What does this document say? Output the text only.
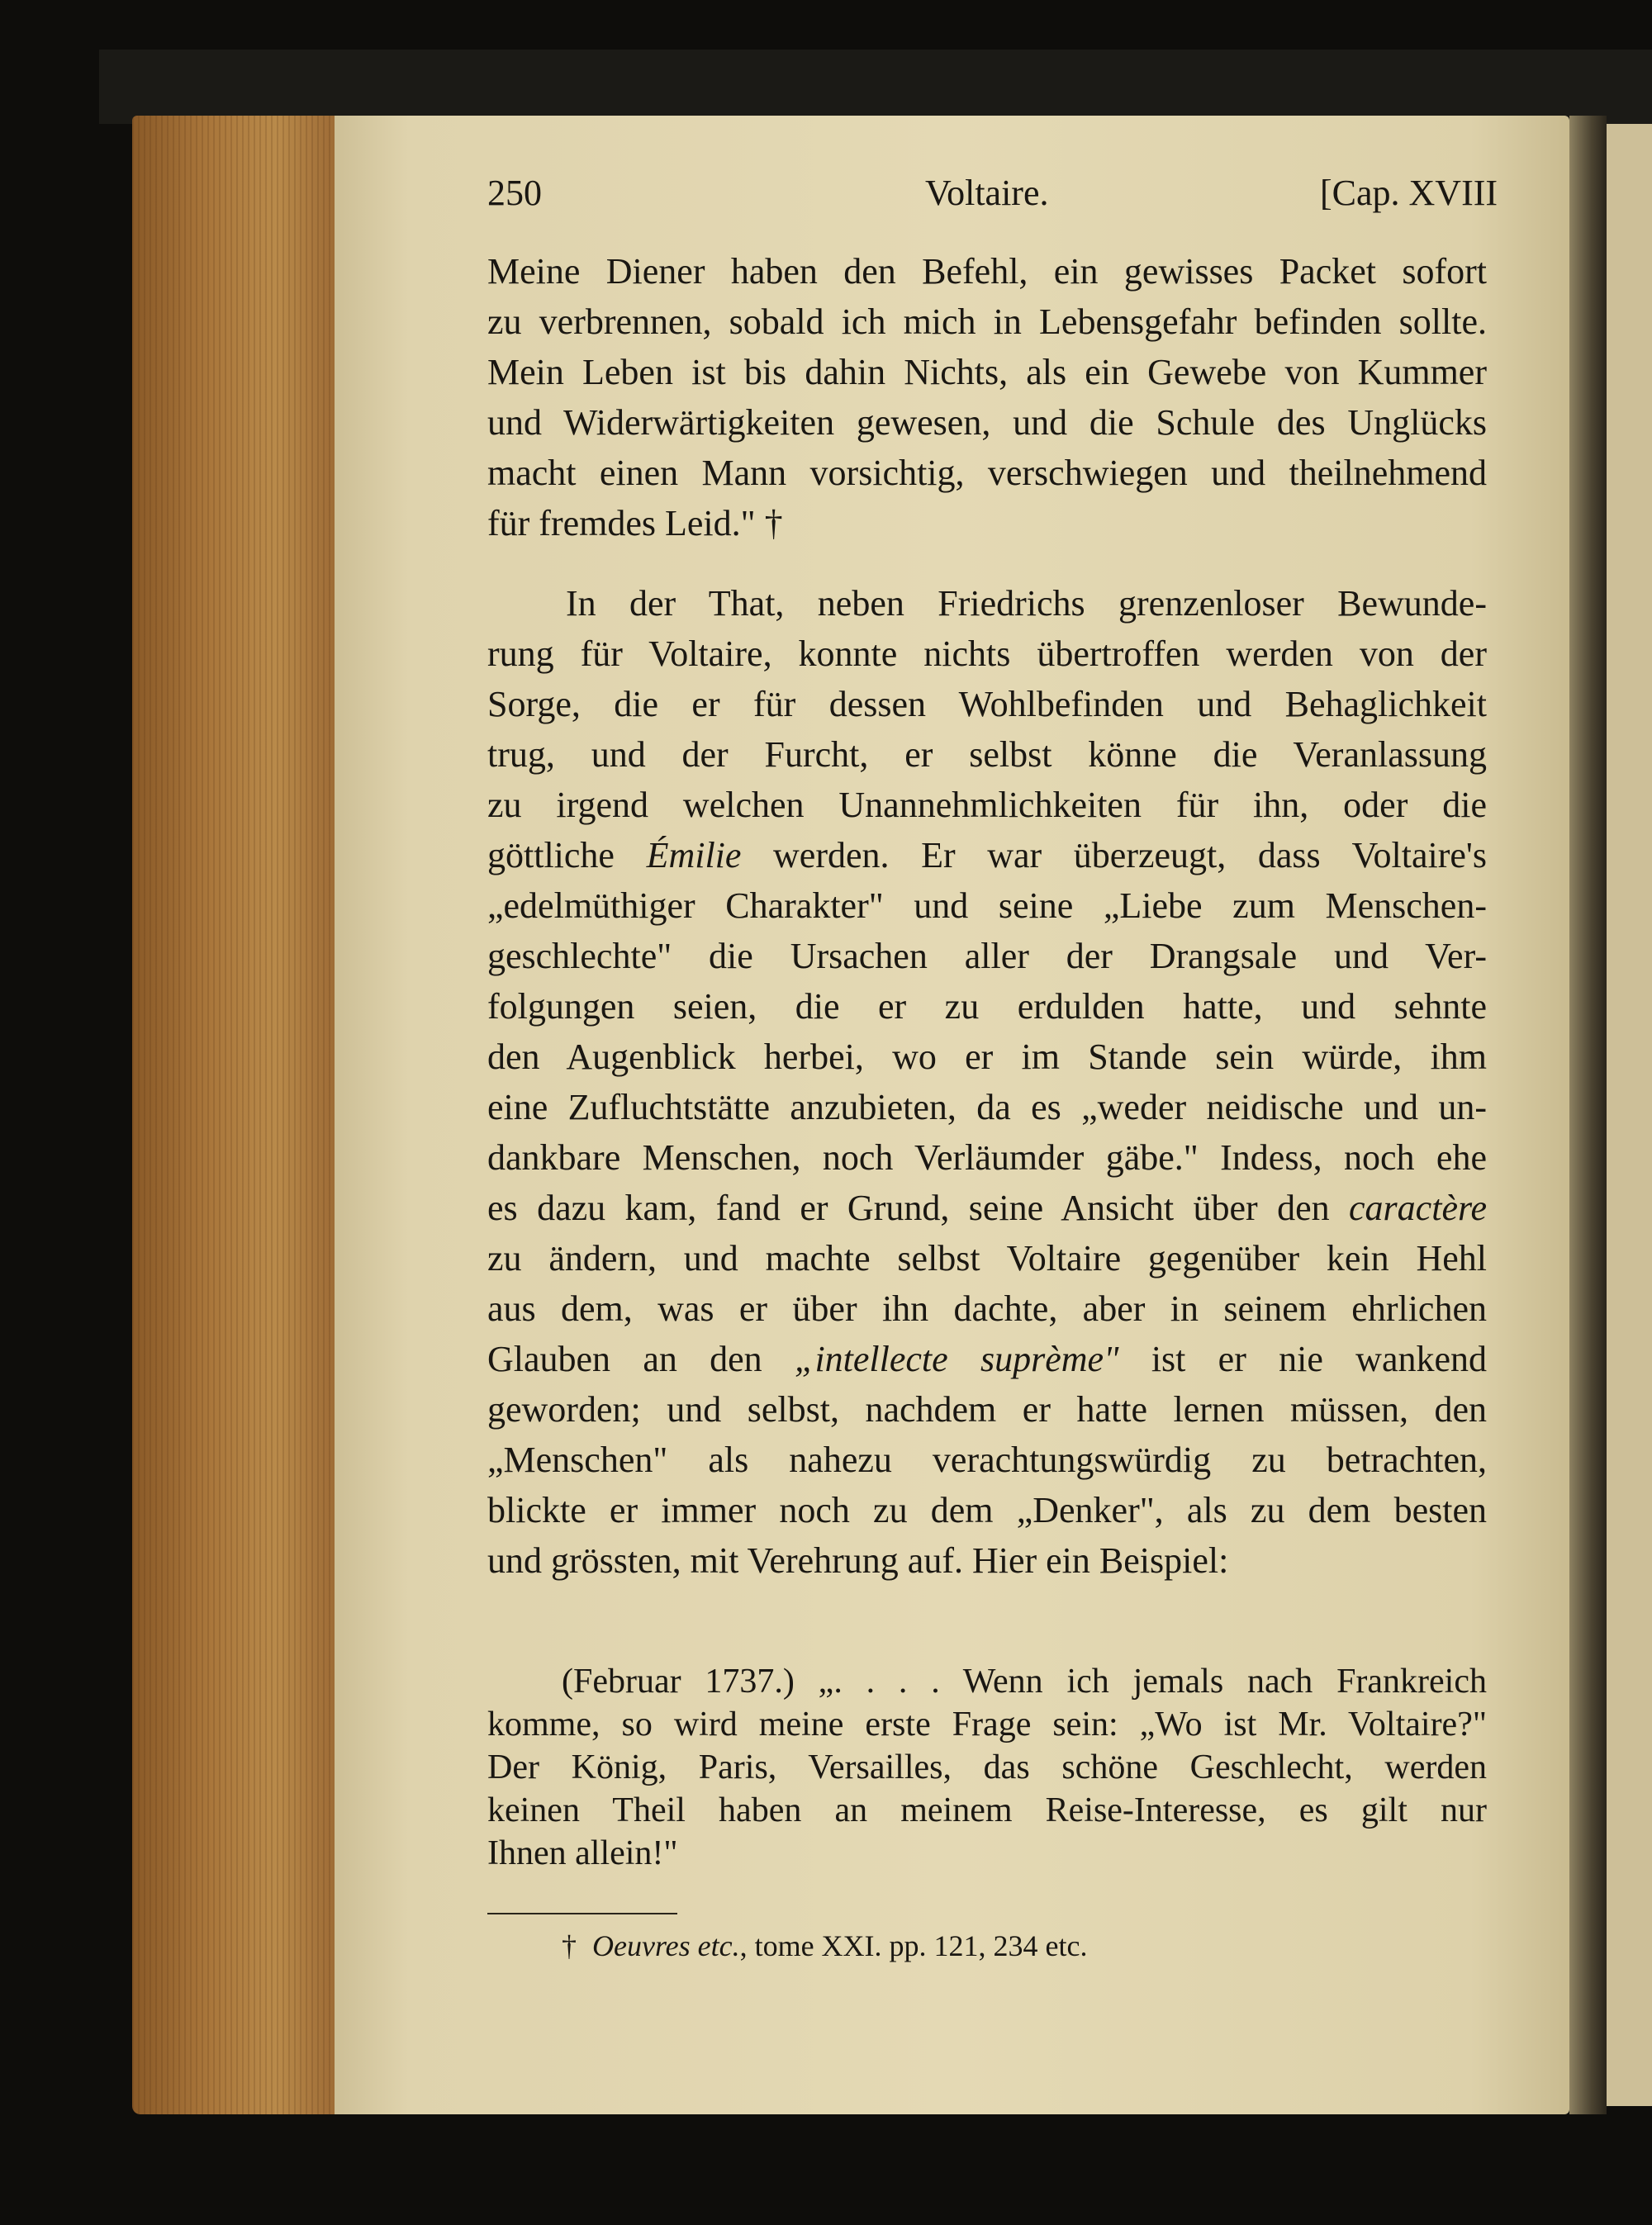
250	Voltaire.	[Cap. XVIII
Meine Diener haben den Befehl, ein gewisses Packet sofort
zu verbrennen, sobald ich mich in Lebensgefahr befinden sollte.
Mein Leben ist bis dahin Nichts, als ein Gewebe von Kummer
und Widerwärtigkeiten gewesen, und die Schule des Unglücks
macht einen Mann vorsichtig, verschwiegen und theilnehmend
für fremdes Leid." †
In der That, neben Friedrichs grenzenloser Bewunde-
rung für Voltaire, konnte nichts übertroffen werden von der
Sorge, die er für dessen Wohlbefinden und Behaglichkeit
trug, und der Furcht, er selbst könne die Veranlassung
zu irgend welchen Unannehmlichkeiten für ihn, oder die
göttliche Émilie werden. Er war überzeugt, dass Voltaire's
„edelmüthiger Charakter" und seine „Liebe zum Menschen-
geschlechte" die Ursachen aller der Drangsale und Ver-
folgungen seien, die er zu erdulden hatte, und sehnte
den Augenblick herbei, wo er im Stande sein würde, ihm
eine Zufluchtstätte anzubieten, da es „weder neidische und un-
dankbare Menschen, noch Verläumder gäbe." Indess, noch ehe
es dazu kam, fand er Grund, seine Ansicht über den caractère
zu ändern, und machte selbst Voltaire gegenüber kein Hehl
aus dem, was er über ihn dachte, aber in seinem ehrlichen
Glauben an den „intellecte suprème" ist er nie wankend
geworden; und selbst, nachdem er hatte lernen müssen, den
„Menschen" als nahezu verachtungswürdig zu betrachten,
blickte er immer noch zu dem „Denker", als zu dem besten
und grössten, mit Verehrung auf. Hier ein Beispiel:
(Februar 1737.) „. . . . Wenn ich jemals nach Frankreich
komme, so wird meine erste Frage sein: „Wo ist Mr. Voltaire?"
Der König, Paris, Versailles, das schöne Geschlecht, werden
keinen Theil haben an meinem Reise-Interesse, es gilt nur
Ihnen allein!"
† Oeuvres etc., tome XXI. pp. 121, 234 etc.
